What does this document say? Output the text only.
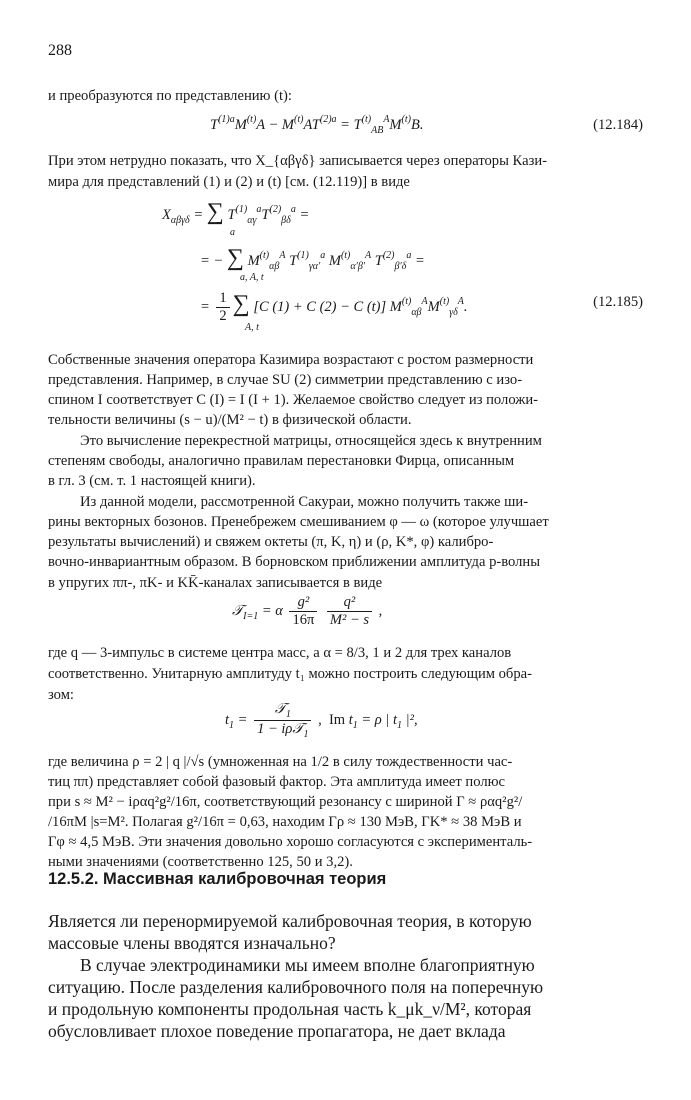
288
и преобразуются по представлению (t):
$T^{(1)a}M^{(t)}A - M^{(t)}AT^{(2)a} = T^{(t)}_{AB}^AM^{(t)}B$.	(12.184)
При этом нетрудно показать, что X_{αβγδ} записывается через операторы Кази-
мира для представлений (1) и (2) и (t) [см. (12.119)] в виде
$X_{\alpha\beta\gamma\delta}$ = ∑ $T^{(1)}_{\alpha\gamma}^aT^{(2)}_{\beta\delta}^a$ =
a
= − ∑ $M^{(t)}_{\alpha\beta}^A$ $T^{(1)}_{\gamma\alpha'}^a$ $M^{(t)}_{\alpha'\beta'}^A$ $T^{(2)}_{\beta'\delta}^a$ =
a, A, t
= $\frac{1}{2}$ ∑ [C (1) + C (2) − C (t)] $M^{(t)}_{\alpha\beta}^AM^{(t)}_{\gamma\delta}^A$.
A, t
(12.185)
Собственные значения оператора Казимира возрастают с ростом размерности
представления. Например, в случае SU (2) симметрии представлению с изо-
спином I соответствует C (I) = I (I + 1). Желаемое свойство следует из положи-
тельности величины (s − u)/(M² − t) в физической области.
Это вычисление перекрестной матрицы, относящейся здесь к внутренним
степеням свободы, аналогично правилам перестановки Фирца, описанным
в гл. 3 (см. т. 1 настоящей книги).
Из данной модели, рассмотренной Сакураи, можно получить также ши-
рины векторных бозонов. Пренебрежем смешиванием φ — ω (которое улучшает
результаты вычислений) и свяжем октеты (π, K, η) и (ρ, K*, φ) калибро-
вочно-инвариантным образом. В борновском приближении амплитуда p-волны
в упругих ππ-, πK- и KK̄-каналах записывается в виде
𝒯$_{I=1}$ = α $\frac{\text{g²}}{16\pi}$
$\frac{\text{q²}}{\text{M² − s}}$ ,
где q — 3-импульс в системе центра масс, а α = 8/3, 1 и 2 для трех каналов
соответственно. Унитарную амплитуду t₁ можно построить следующим обра-
зом:
$t_1 = \frac{𝒯_1}{1 - i\rho 𝒯_1}$ ,  Im $t_1 = \rho$ | $t_1$ |²,
где величина ρ = 2 | q |/√s (умноженная на 1/2 в силу тождественности час-
тиц ππ) представляет собой фазовый фактор. Эта амплитуда имеет полюс
при s ≈ M² − iραq²g²/16π, соответствующий резонансу с шириной Γ ≈ ραq²g²/
/16πM |s=M². Полагая g²/16π = 0,63, находим Γρ ≈ 130 МэВ, ΓK* ≈ 38 МэВ и
Γφ ≈ 4,5 МэВ. Эти значения довольно хорошо согласуются с эксперименталь-
ными значениями (соответственно 125, 50 и 3,2).
12.5.2. Массивная калибровочная теория
Является ли перенормируемой калибровочная теория, в которую
массовые члены вводятся изначально?
В случае электродинамики мы имеем вполне благоприятную
ситуацию. После разделения калибровочного поля на поперечную
и продольную компоненты продольная часть k_μk_ν/M², которая
обусловливает плохое поведение пропагатора, не дает вклада
